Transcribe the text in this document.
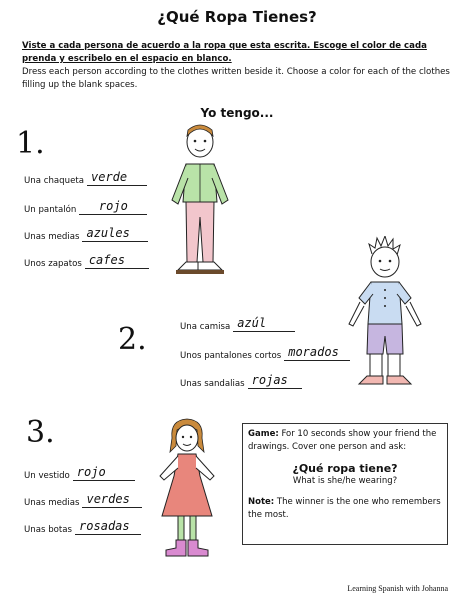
¿Qué Ropa Tienes?
Viste a cada persona de acuerdo a la ropa que esta escrita. Escoge el color de cada prenda y escribelo en el espacio en blanco.
Dress each person according to the clothes written beside it. Choose a color for each of the clothes filling up the blank spaces.
Yo tengo...
1.
Una chaqueta verde
Un pantalón rojo
Unas medias azules
Unos zapatos cafes
2.	Una camisa azúl
Unos pantalones cortos morados
Unas sandalias rojas
3.
Un vestido rojo
Unas medias verdes
Unas botas rosadas
Game: For 10 seconds show your friend the drawings. Cover one person and ask:
¿Qué ropa tiene?
What is she/he wearing?
Note: The winner is the one who remembers the most.
Learning Spanish with Johanna
